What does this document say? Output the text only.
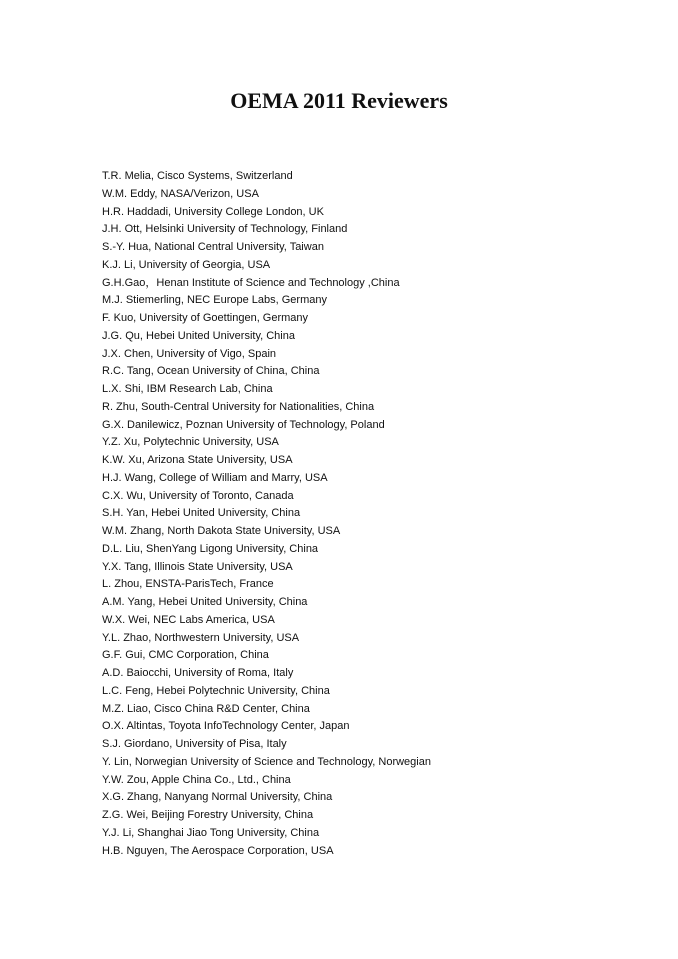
OEMA 2011 Reviewers
T.R. Melia, Cisco Systems, Switzerland
W.M. Eddy, NASA/Verizon, USA
H.R. Haddadi, University College London, UK
J.H. Ott, Helsinki University of Technology, Finland
S.-Y. Hua, National Central University, Taiwan
K.J. Li, University of Georgia, USA
G.H.Gao，Henan Institute of Science and Technology ,China
M.J. Stiemerling, NEC Europe Labs, Germany
F. Kuo, University of Goettingen, Germany
J.G. Qu, Hebei United University, China
J.X. Chen, University of Vigo, Spain
R.C. Tang, Ocean University of China, China
L.X. Shi, IBM Research Lab, China
R. Zhu, South-Central University for Nationalities, China
G.X. Danilewicz, Poznan University of Technology, Poland
Y.Z. Xu, Polytechnic University, USA
K.W. Xu, Arizona State University, USA
H.J. Wang, College of William and Marry, USA
C.X. Wu, University of Toronto, Canada
S.H. Yan, Hebei United University, China
W.M. Zhang, North Dakota State University, USA
D.L. Liu, ShenYang Ligong University, China
Y.X. Tang, Illinois State University, USA
L. Zhou, ENSTA-ParisTech, France
A.M. Yang, Hebei United University, China
W.X. Wei, NEC Labs America, USA
Y.L. Zhao, Northwestern University, USA
G.F. Gui, CMC Corporation, China
A.D. Baiocchi, University of Roma, Italy
L.C. Feng, Hebei Polytechnic University, China
M.Z. Liao, Cisco China R&D Center, China
O.X. Altintas, Toyota InfoTechnology Center, Japan
S.J. Giordano, University of Pisa, Italy
Y. Lin, Norwegian University of Science and Technology, Norwegian
Y.W. Zou, Apple China Co., Ltd., China
X.G. Zhang, Nanyang Normal University, China
Z.G. Wei, Beijing Forestry University, China
Y.J. Li, Shanghai Jiao Tong University, China
H.B. Nguyen, The Aerospace Corporation, USA
